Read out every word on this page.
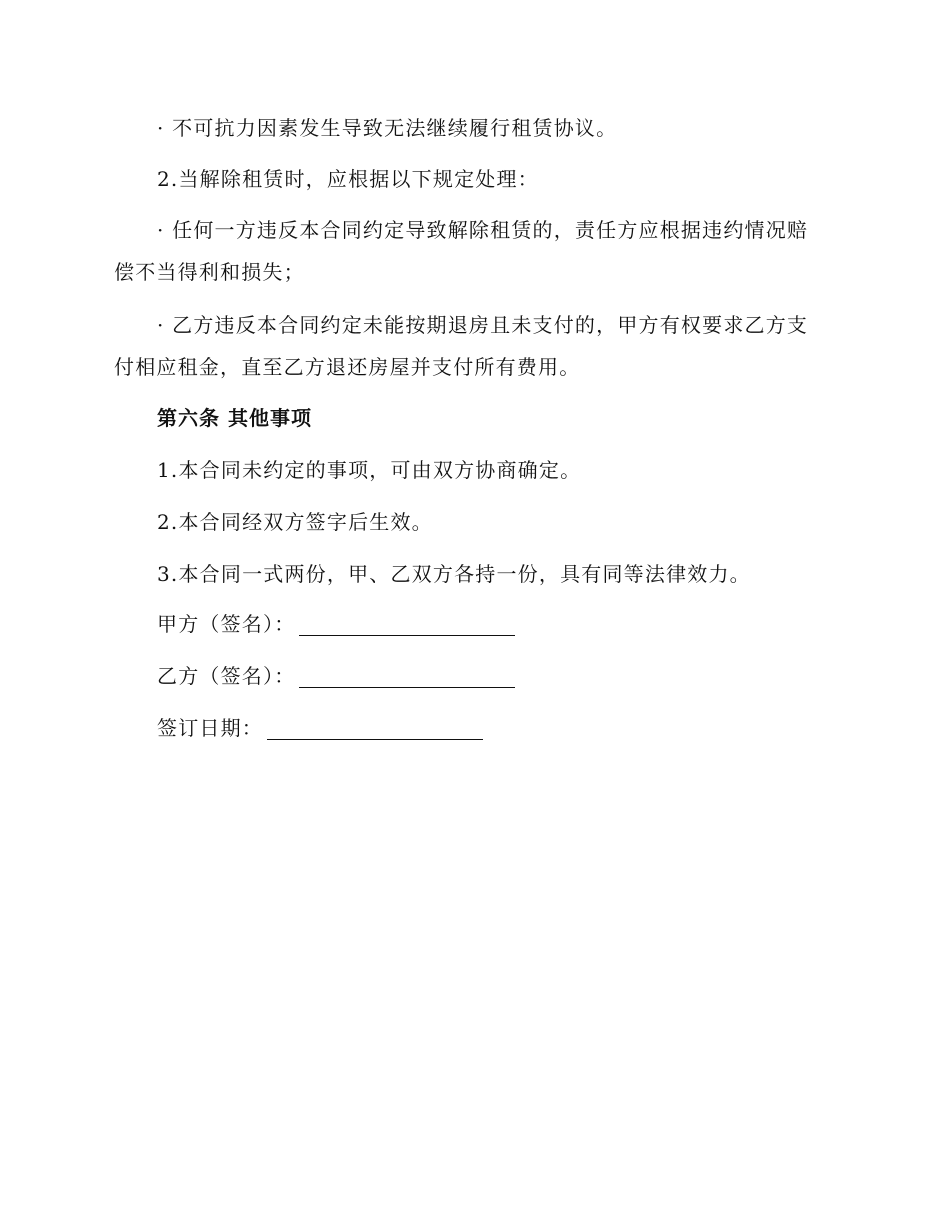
· 不可抗力因素发生导致无法继续履行租赁协议。
2.当解除租赁时，应根据以下规定处理：
· 任何一方违反本合同约定导致解除租赁的，责任方应根据违约情况赔
偿不当得利和损失；
· 乙方违反本合同约定未能按期退房且未支付的，甲方有权要求乙方支
付相应租金，直至乙方退还房屋并支付所有费用。
第六条 其他事项
1.本合同未约定的事项，可由双方协商确定。
2.本合同经双方签字后生效。
3.本合同一式两份，甲、乙双方各持一份，具有同等法律效力。
甲方（签名）：
乙方（签名）：
签订日期：
